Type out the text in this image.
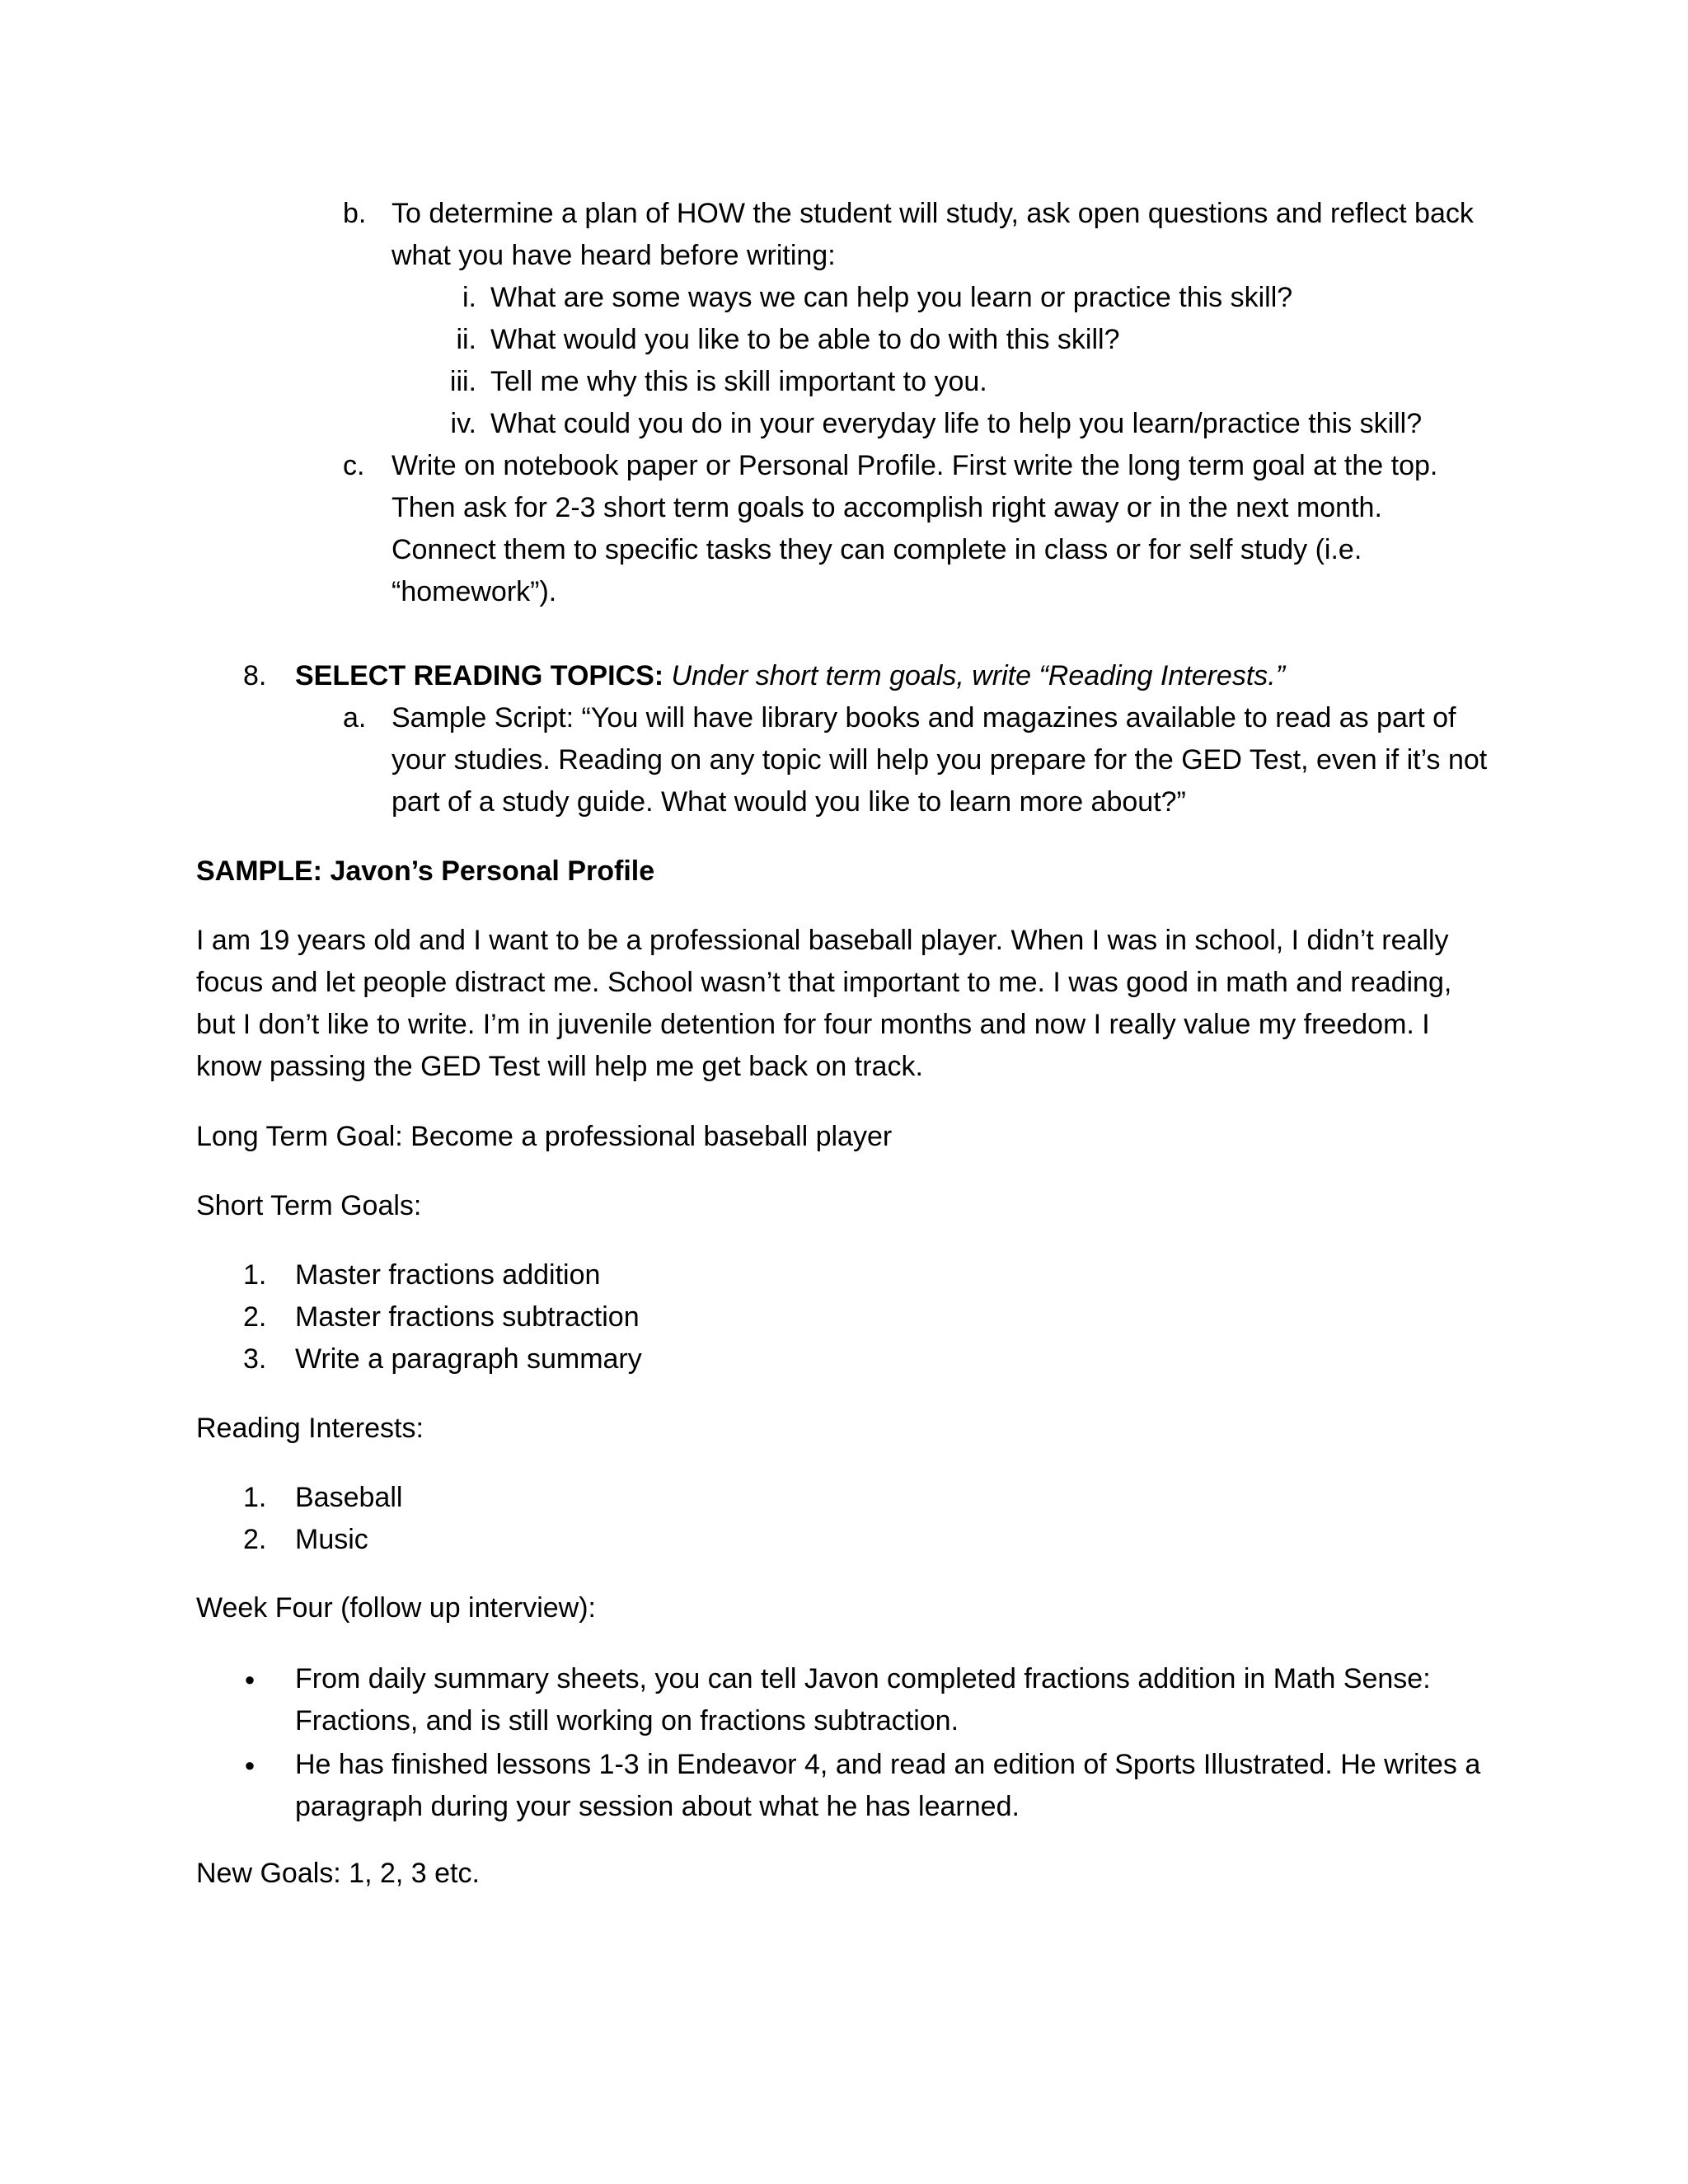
b. To determine a plan of HOW the student will study, ask open questions and reflect back
what you have heard before writing:
i. What are some ways we can help you learn or practice this skill?
ii. What would you like to be able to do with this skill?
iii. Tell me why this is skill important to you.
iv. What could you do in your everyday life to help you learn/practice this skill?
c. Write on notebook paper or Personal Profile. First write the long term goal at the top.
Then ask for 2-3 short term goals to accomplish right away or in the next month.
Connect them to specific tasks they can complete in class or for self study (i.e.
“homework”).
8.	SELECT READING TOPICS: Under short term goals, write “Reading Interests.”
a. Sample Script: “You will have library books and magazines available to read as part of
your studies. Reading on any topic will help you prepare for the GED Test, even if it’s not
part of a study guide. What would you like to learn more about?”
SAMPLE: Javon’s Personal Profile
I am 19 years old and I want to be a professional baseball player. When I was in school, I didn’t really
focus and let people distract me. School wasn’t that important to me. I was good in math and reading,
but I don’t like to write. I’m in juvenile detention for four months and now I really value my freedom. I
know passing the GED Test will help me get back on track.
Long Term Goal: Become a professional baseball player
Short Term Goals:
1.	Master fractions addition
2.	Master fractions subtraction
3.	Write a paragraph summary
Reading Interests:
1.	Baseball
2.	Music
Week Four (follow up interview):
● From daily summary sheets, you can tell Javon completed fractions addition in Math Sense:
Fractions, and is still working on fractions subtraction.
● He has finished lessons 1-3 in Endeavor 4, and read an edition of Sports Illustrated. He writes a
paragraph during your session about what he has learned.
New Goals: 1, 2, 3 etc.
